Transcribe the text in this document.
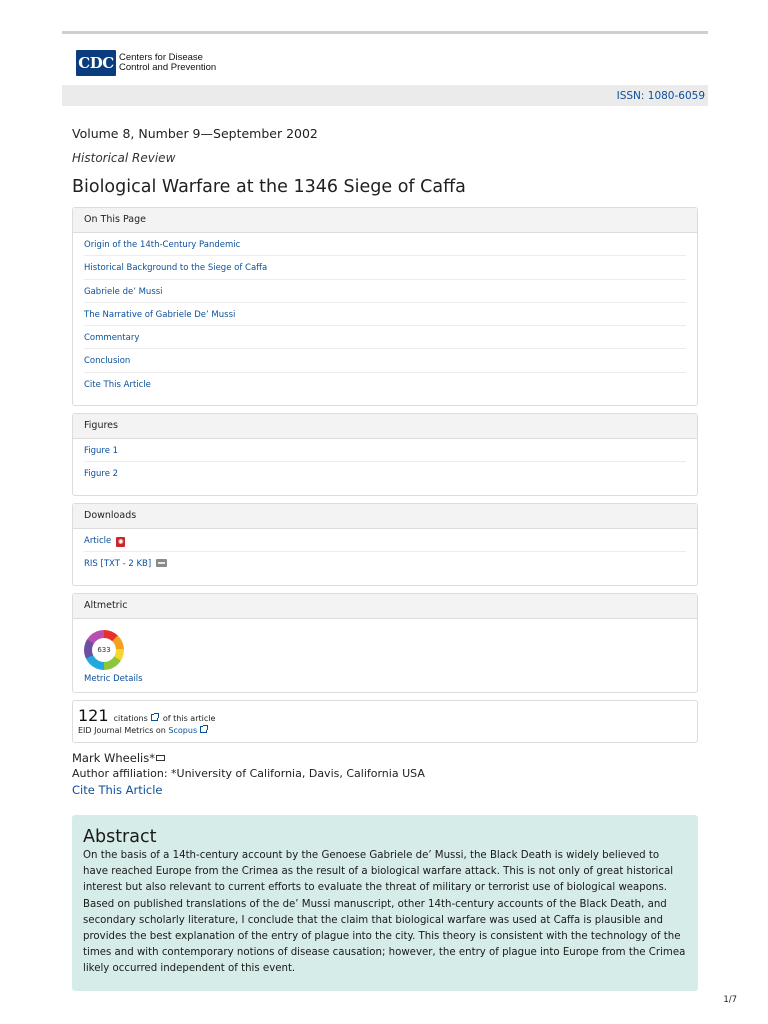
CDC Centers for Disease
Control and Prevention
ISSN: 1080-6059
Volume 8, Number 9—September 2002
Historical Review
Biological Warfare at the 1346 Siege of Caffa
On This Page
Origin of the 14th-Century Pandemic
Historical Background to the Siege of Caffa
Gabriele de’ Mussi
The Narrative of Gabriele De’ Mussi
Commentary
Conclusion
Cite This Article
Figures
Figure 1
Figure 2
Downloads
Article ✺
RIS [TXT - 2 KB]
Altmetric
633
Metric Details
121 citations of this article
EID Journal Metrics on Scopus
Mark Wheelis*
Author affiliation: *University of California, Davis, California USA
Cite This Article
Abstract

On the basis of a 14th-century account by the Genoese Gabriele de’ Mussi, the Black Death is widely believed to have reached Europe from the Crimea as the result of a biological warfare attack. This is not only of great historical interest but also relevant to current efforts to evaluate the threat of military or terrorist use of biological weapons. Based on published translations of the de’ Mussi manuscript, other 14th-century accounts of the Black Death, and secondary scholarly literature, I conclude that the claim that biological warfare was used at Caffa is plausible and provides the best explanation of the entry of plague into the city. This theory is consistent with the technology of the times and with contemporary notions of disease causation; however, the entry of plague into Europe from the Crimea likely occurred independent of this event.

1/7
